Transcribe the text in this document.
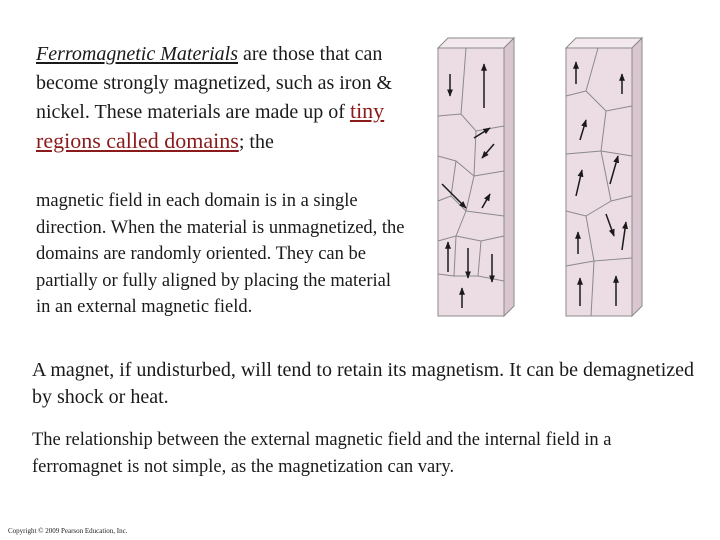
Ferromagnetic Materials are those that can become strongly magnetized, such as iron & nickel. These materials are made up of tiny regions called domains; the

magnetic field in each domain is in a single direction. When the material is unmagnetized, the domains are randomly oriented. They can be partially or fully aligned by placing the material in an external magnetic field.

A magnet, if undisturbed, will tend to retain its magnetism. It can be demagnetized by shock or heat.

The relationship between the external magnetic field and the internal field in a ferromagnet is not simple, as the magnetization can vary.

Copyright © 2009 Pearson Education, Inc.
